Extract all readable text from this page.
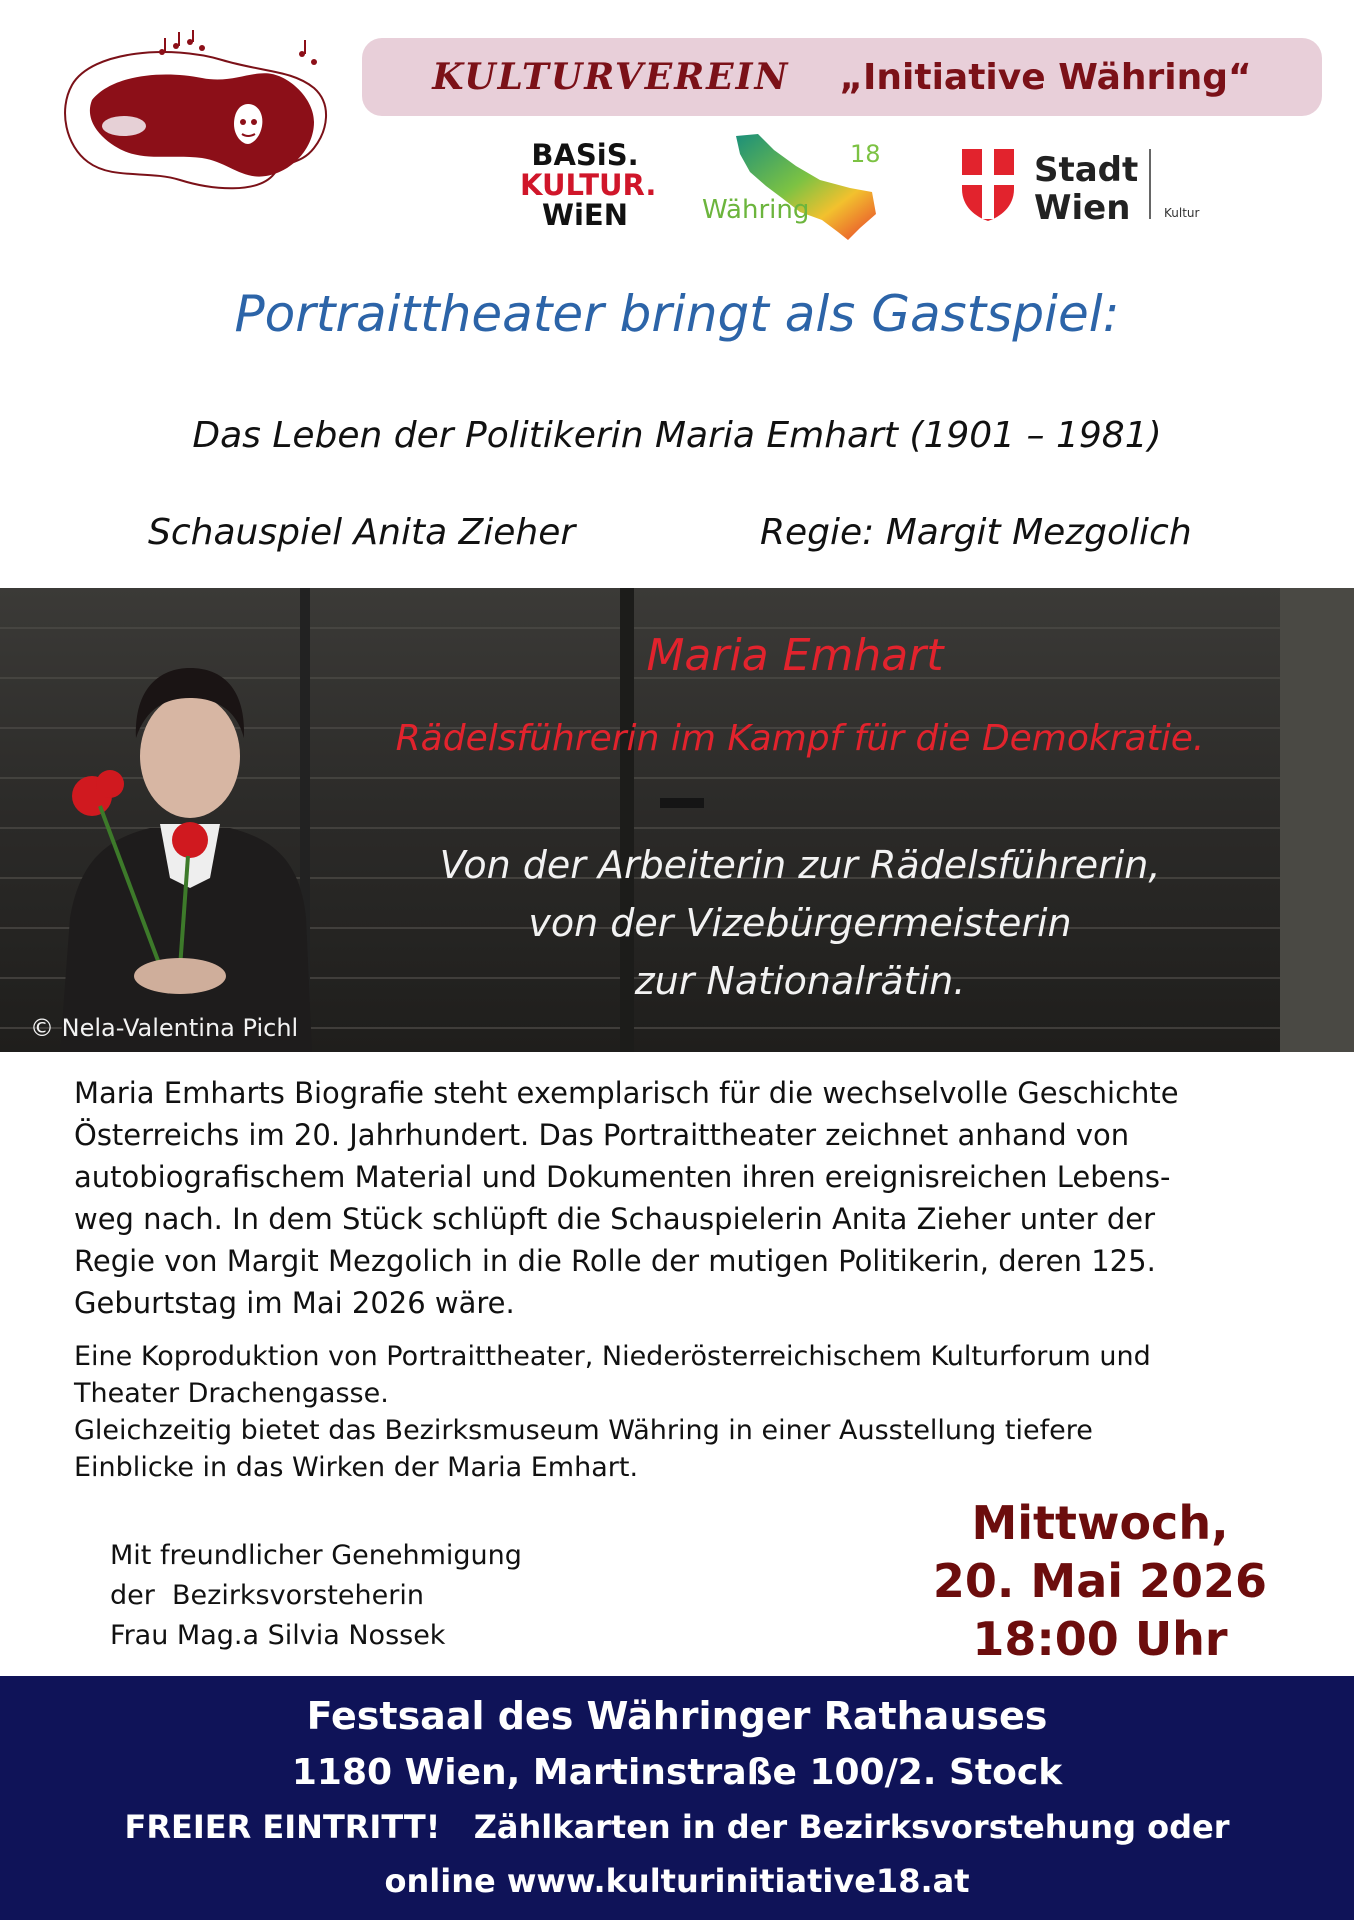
KULTURVEREIN „Initiative Währing“
BASiS.
KULTUR.
WiEN
18
Währing
Stadt
Wien	Kultur
Portraittheater bringt als Gastspiel:
Das Leben der Politikerin Maria Emhart (1901 – 1981)
Schauspiel Anita Zieher	Regie: Margit Mezgolich
Maria Emhart
Rädelsführerin im Kampf für die Demokratie.
Von der Arbeiterin zur Rädelsführerin,
von der Vizebürgermeisterin
zur Nationalrätin.
© Nela-Valentina Pichl
Maria Emharts Biografie steht exemplarisch für die wechselvolle Geschichte
Österreichs im 20. Jahrhundert. Das Portraittheater zeichnet anhand von
autobiografischem Material und Dokumenten ihren ereignisreichen Lebens-
weg nach. In dem Stück schlüpft die Schauspielerin Anita Zieher unter der
Regie von Margit Mezgolich in die Rolle der mutigen Politikerin, deren 125.
Geburtstag im Mai 2026 wäre.
Eine Koproduktion von Portraittheater, Niederösterreichischem Kulturforum und
Theater Drachengasse.
Gleichzeitig bietet das Bezirksmuseum Währing in einer Ausstellung tiefere
Einblicke in das Wirken der Maria Emhart.
Mit freundlicher Genehmigung
der  Bezirksvorsteherin
Frau Mag.a Silvia Nossek
Mittwoch,
20. Mai 2026
18:00 Uhr
Festsaal des Währinger Rathauses
1180 Wien, Martinstraße 100/2. Stock
FREIER EINTRITT!   Zählkarten in der Bezirksvorstehung oder
online www.kulturinitiative18.at
